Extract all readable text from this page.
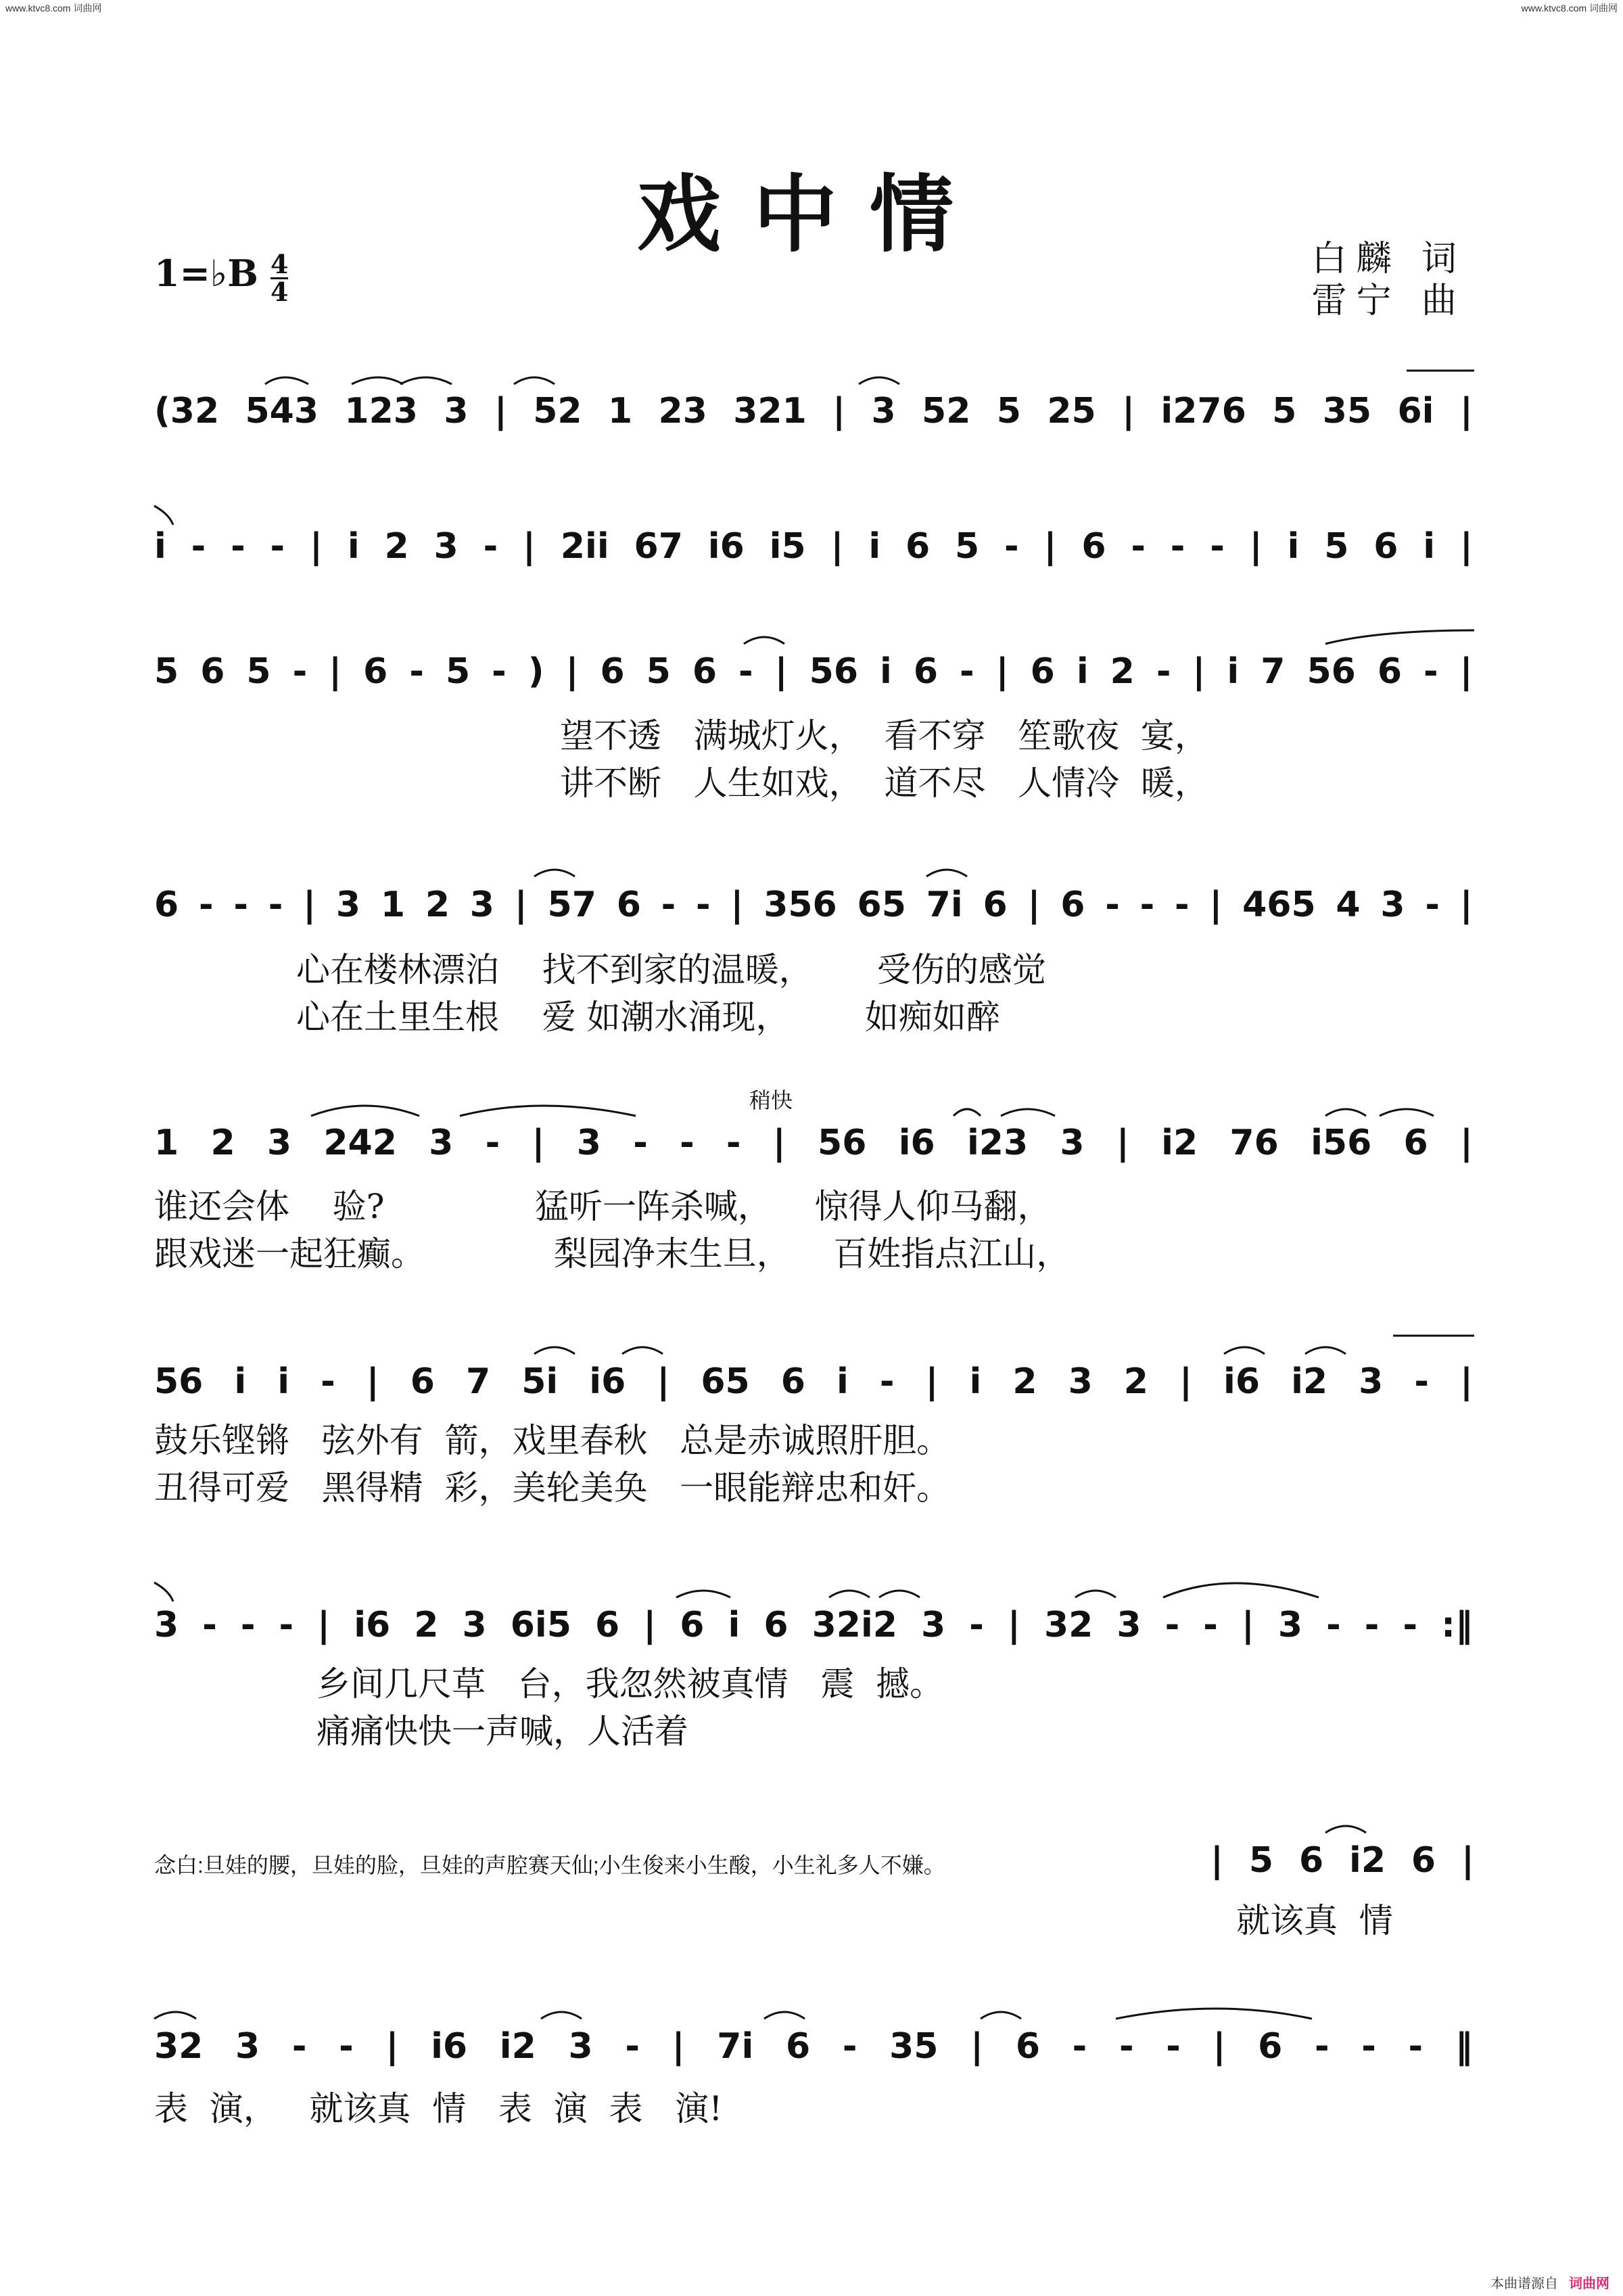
www.ktvc8.com 词曲网	www.ktvc8.com 词曲网
戏中情	白麟 词
雷宁 曲
1=♭B 4
4
稍快
(32 543 123 3 | 52 1 23 321 | 3 52 5 25 | i276 5 35 6i |
i - - - | i 2 3 - | 2ii 67 i6 i5 | i 6 5 - | 6 - - - | i 5 6 i |
5 6 5 - | 6 - 5 - ) | 6 5 6 - | 56 i 6 - | 6 i 2 - | i 7 56 6 - |
6 - - - | 3 1 2 3 | 57 6 - - | 356 65 7i 6 | 6 - - - | 465 4 3 - |
1 2 3 242 3 - | 3 - - - | 56 i6 i23 3 | i2 76 i56 6 |
56 i i - | 6 7 5i i6 | 65 6 i - | i 2 3 2 | i6 i2 3 - |
3 - - - | i6 2 3 6i5 6 | 6 i 6 32i2 3 - | 32 3 - - | 3 - - - :‖
| 5 6 i2 6 |
32 3 - - | i6 i2 3 - | 7i 6 - 35 | 6 - - - | 6 - - - ‖
望不透   满城灯火，  看不穿   笙歌夜  宴，
讲不断   人生如戏，  道不尽   人情冷  暖，
心在楼林漂泊    找不到家的温暖，      受伤的感觉
心在土里生根    爱 如潮水涌现，       如痴如醉
谁还会体    验?              猛听一阵杀喊，    惊得人仰马翻，
跟戏迷一起狂癫。            梨园净末生旦，    百姓指点江山，
鼓乐铿锵   弦外有  箭，戏里春秋   总是赤诚照肝胆。
丑得可爱   黑得精  彩，美轮美奂   一眼能辩忠和奸。
乡间几尺草   台，我忽然被真情   震  撼。
痛痛快快一声喊，人活着
就该真  情
表  演，   就该真  情   表  演  表   演!
念白:旦娃的腰，旦娃的脸，旦娃的声腔赛天仙;小生俊来小生酸，小生礼多人不嫌。
本曲谱源自 词曲网
